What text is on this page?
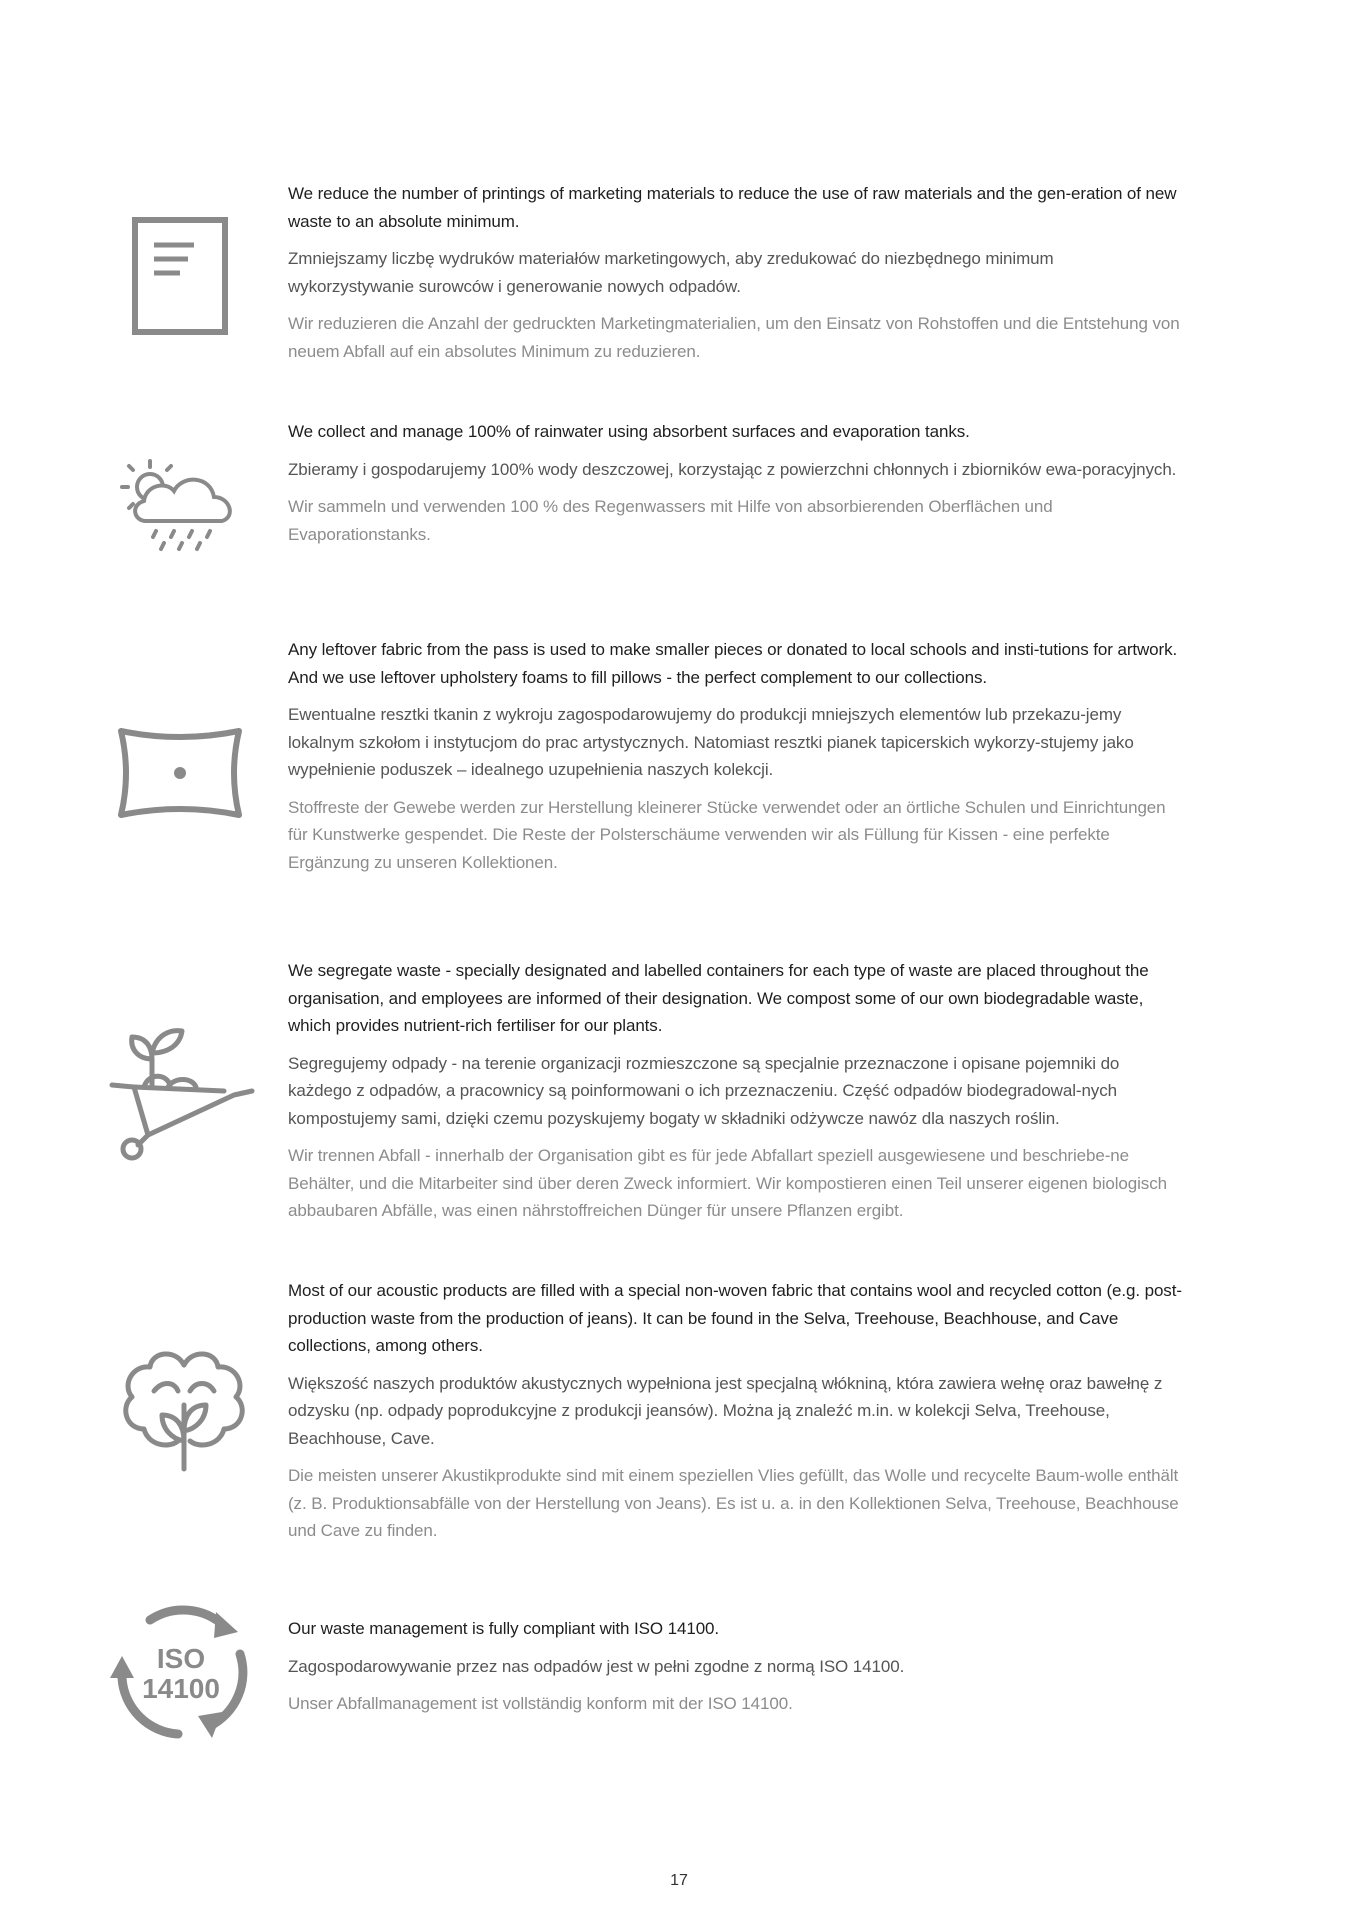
We reduce the number of printings of marketing materials to reduce the use of raw materials and the gen-eration of new waste to an absolute minimum.

Zmniejszamy liczbę wydruków materiałów marketingowych, aby zredukować do niezbędnego minimum wykorzystywanie surowców i generowanie nowych odpadów.

Wir reduzieren die Anzahl der gedruckten Marketingmaterialien, um den Einsatz von Rohstoffen und die Entstehung von neuem Abfall auf ein absolutes Minimum zu reduzieren.

We collect and manage 100% of rainwater using absorbent surfaces and evaporation tanks.

Zbieramy i gospodarujemy 100% wody deszczowej, korzystając z powierzchni chłonnych i zbiorników ewa-poracyjnych.

Wir sammeln und verwenden 100 % des Regenwassers mit Hilfe von absorbierenden Oberflächen und Evaporationstanks.

Any leftover fabric from the pass is used to make smaller pieces or donated to local schools and insti-tutions for artwork. And we use leftover upholstery foams to fill pillows - the perfect complement to our collections.

Ewentualne resztki tkanin z wykroju zagospodarowujemy do produkcji mniejszych elementów lub przekazu-jemy lokalnym szkołom i instytucjom do prac artystycznych. Natomiast resztki pianek tapicerskich wykorzy-stujemy jako wypełnienie poduszek – idealnego uzupełnienia naszych kolekcji.

Stoffreste der Gewebe werden zur Herstellung kleinerer Stücke verwendet oder an örtliche Schulen und Einrichtungen für Kunstwerke gespendet. Die Reste der Polsterschäume verwenden wir als Füllung für Kissen - eine perfekte Ergänzung zu unseren Kollektionen.

We segregate waste - specially designated and labelled containers for each type of waste are placed throughout the organisation, and employees are informed of their designation. We compost some of our own biodegradable waste, which provides nutrient-rich fertiliser for our plants.

Segregujemy odpady - na terenie organizacji rozmieszczone są specjalnie przeznaczone i opisane pojemniki do każdego z odpadów, a pracownicy są poinformowani o ich przeznaczeniu. Część odpadów biodegradowal-nych kompostujemy sami, dzięki czemu pozyskujemy bogaty w składniki odżywcze nawóz dla naszych roślin.

Wir trennen Abfall - innerhalb der Organisation gibt es für jede Abfallart speziell ausgewiesene und beschriebe-ne Behälter, und die Mitarbeiter sind über deren Zweck informiert. Wir kompostieren einen Teil unserer eigenen biologisch abbaubaren Abfälle, was einen nährstoffreichen Dünger für unsere Pflanzen ergibt.

Most of our acoustic products are filled with a special non-woven fabric that contains wool and recycled cotton (e.g. post-production waste from the production of jeans). It can be found in the Selva, Treehouse, Beachhouse, and Cave collections, among others.

Większość naszych produktów akustycznych wypełniona jest specjalną włókniną, która zawiera wełnę oraz bawełnę z odzysku (np. odpady poprodukcyjne z produkcji jeansów). Można ją znaleźć m.in. w kolekcji Selva, Treehouse, Beachhouse, Cave.

Die meisten unserer Akustikprodukte sind mit einem speziellen Vlies gefüllt, das Wolle und recycelte Baum-wolle enthält (z. B. Produktionsabfälle von der Herstellung von Jeans). Es ist u. a. in den Kollektionen Selva, Treehouse, Beachhouse und Cave zu finden.

ISO
14100

Our waste management is fully compliant with ISO 14100.

Zagospodarowywanie przez nas odpadów jest w pełni zgodne z normą ISO 14100.

Unser Abfallmanagement ist vollständig konform mit der ISO 14100.

17
